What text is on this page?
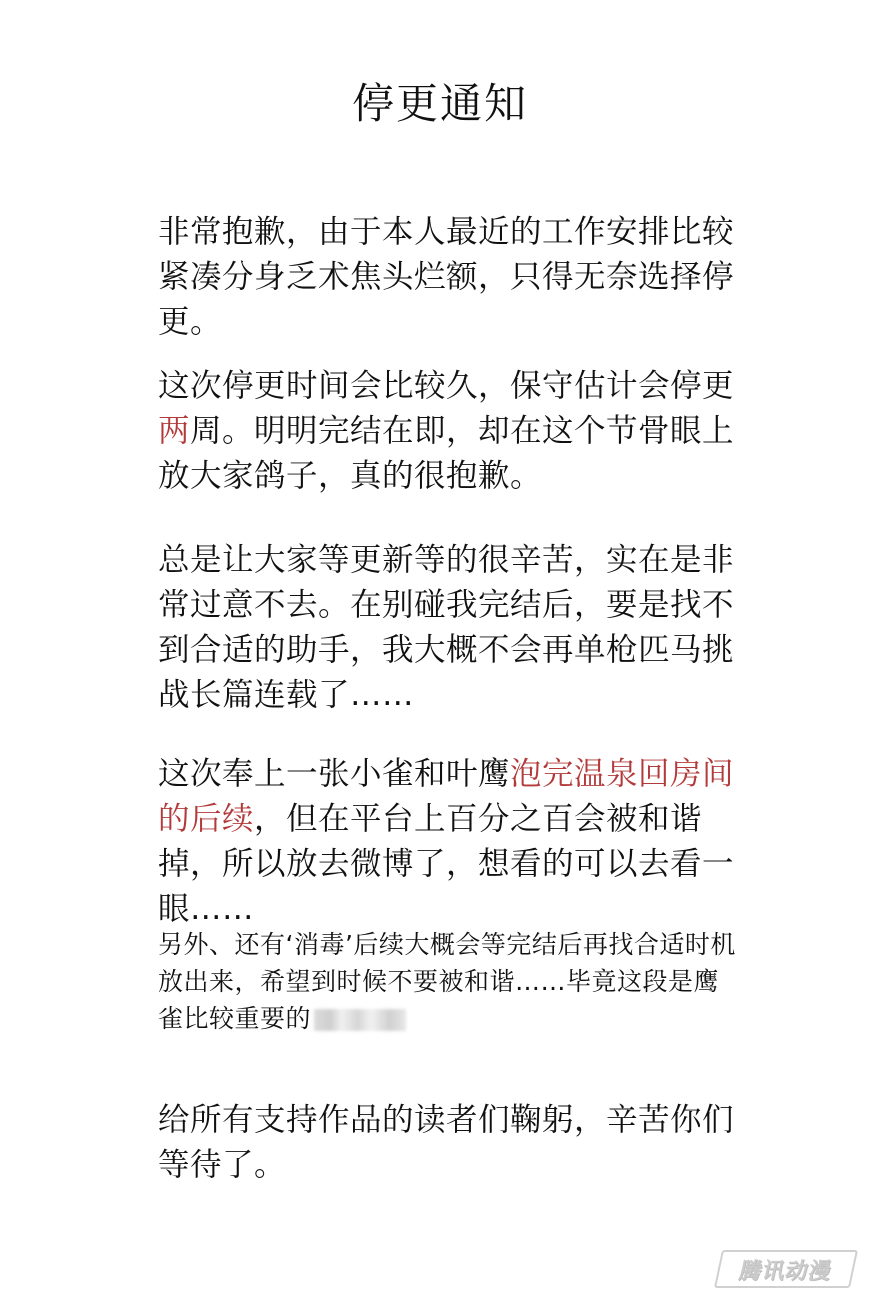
停更通知

非常抱歉，由于本人最近的工作安排比较紧凑分身乏术焦头烂额，只得无奈选择停更。

这次停更时间会比较久，保守估计会停更两周。明明完结在即，却在这个节骨眼上放大家鸽子，真的很抱歉。

总是让大家等更新等的很辛苦，实在是非常过意不去。在别碰我完结后，要是找不到合适的助手，我大概不会再单枪匹马挑战长篇连载了……

这次奉上一张小雀和叶鹰泡完温泉回房间的后续，但在平台上百分之百会被和谐掉，所以放去微博了，想看的可以去看一眼……

另外、还有‘消毒’后续大概会等完结后再找合适时机放出来，希望到时候不要被和谐……毕竟这段是鹰雀比较重要的

给所有支持作品的读者们鞠躬，辛苦你们等待了。

腾讯动漫
